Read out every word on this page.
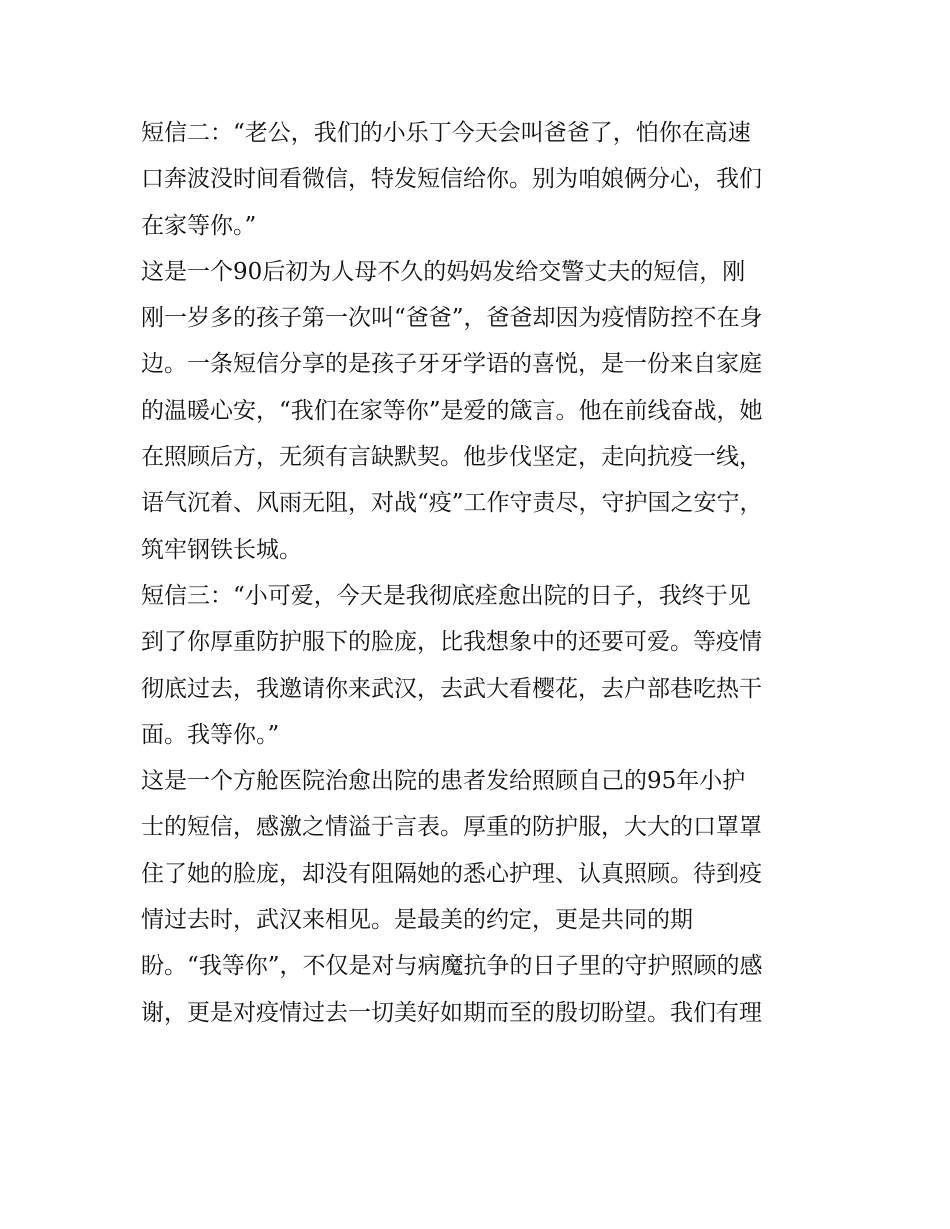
短信二：“老公，我们的小乐丁今天会叫爸爸了，怕你在高速
口奔波没时间看微信，特发短信给你。别为咱娘俩分心，我们
在家等你。”
这是一个90后初为人母不久的妈妈发给交警丈夫的短信，刚
刚一岁多的孩子第一次叫“爸爸”，爸爸却因为疫情防控不在身
边。一条短信分享的是孩子牙牙学语的喜悦，是一份来自家庭
的温暖心安，“我们在家等你”是爱的箴言。他在前线奋战，她
在照顾后方，无须有言缺默契。他步伐坚定，走向抗疫一线，
语气沉着、风雨无阻，对战“疫”工作守责尽，守护国之安宁，
筑牢钢铁长城。
短信三：“小可爱，今天是我彻底痊愈出院的日子，我终于见
到了你厚重防护服下的脸庞，比我想象中的还要可爱。等疫情
彻底过去，我邀请你来武汉，去武大看樱花，去户部巷吃热干
面。我等你。”
这是一个方舱医院治愈出院的患者发给照顾自己的95年小护
士的短信，感激之情溢于言表。厚重的防护服，大大的口罩罩
住了她的脸庞，却没有阻隔她的悉心护理、认真照顾。待到疫
情过去时，武汉来相见。是最美的约定，更是共同的期
盼。“我等你”，不仅是对与病魔抗争的日子里的守护照顾的感
谢，更是对疫情过去一切美好如期而至的殷切盼望。我们有理
